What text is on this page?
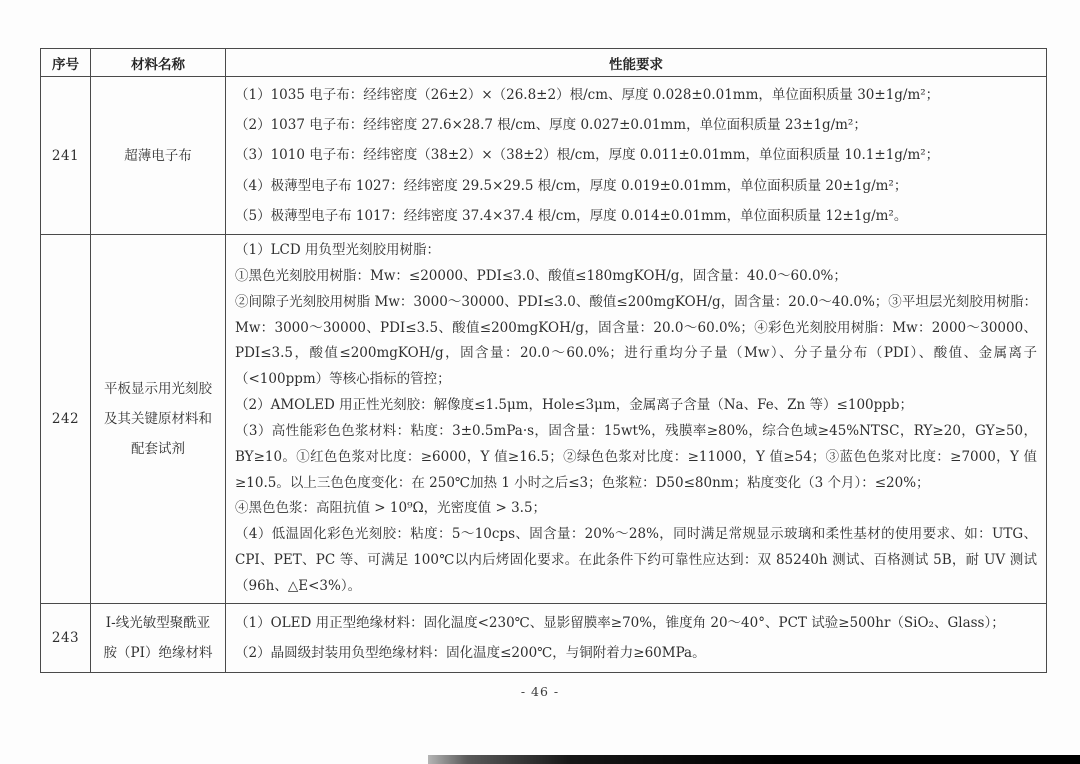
序号	材料名称	性能要求
241	超薄电子布	（1）1035 电子布：经纬密度（26±2）×（26.8±2）根/cm、厚度 0.028±0.01mm，单位面积质量 30±1g/m²；

（2）1037 电子布：经纬密度 27.6×28.7 根/cm、厚度 0.027±0.01mm，单位面积质量 23±1g/m²；

（3）1010 电子布：经纬密度（38±2）×（38±2）根/cm，厚度 0.011±0.01mm，单位面积质量 10.1±1g/m²；

（4）极薄型电子布 1027：经纬密度 29.5×29.5 根/cm，厚度 0.019±0.01mm，单位面积质量 20±1g/m²；

（5）极薄型电子布 1017：经纬密度 37.4×37.4 根/cm，厚度 0.014±0.01mm，单位面积质量 12±1g/m²。

242	平板显示用光刻胶及其关键原材料和配套试剂	

（1）LCD 用负型光刻胶用树脂：

①黑色光刻胶用树脂：Mw：≤20000、PDI≤3.0、酸值≤180mgKOH/g，固含量：40.0～60.0%；

②间隙子光刻胶用树脂 Mw：3000～30000、PDI≤3.0、酸值≤200mgKOH/g，固含量：20.0～40.0%；③平坦层光刻胶用树脂：Mw：3000～30000、PDI≤3.5、酸值≤200mgKOH/g，固含量：20.0～60.0%；④彩色光刻胶用树脂：Mw：2000～30000、PDI≤3.5，酸值≤200mgKOH/g，固含量：20.0～60.0%；进行重均分子量（Mw）、分子量分布（PDI）、酸值、金属离子（<100ppm）等核心指标的管控；

（2）AMOLED 用正性光刻胶：解像度≤1.5μm，Hole≤3μm，金属离子含量（Na、Fe、Zn 等）≤100ppb；

（3）高性能彩色色浆材料：粘度：3±0.5mPa·s，固含量：15wt%，残膜率≥80%，综合色域≥45%NTSC，RY≥20，GY≥50，BY≥10。①红色色浆对比度：≥6000，Y 值≥16.5；②绿色色浆对比度：≥11000，Y 值≥54；③蓝色色浆对比度：≥7000，Y 值≥10.5。以上三色色度变化：在 250℃加热 1 小时之后≤3；色浆粒：D50≤80nm；粘度变化（3 个月）：≤20%；

④黑色色浆：高阻抗值 > 10⁹Ω，光密度值 > 3.5；

（4）低温固化彩色光刻胶：粘度：5～10cps、固含量：20%～28%，同时满足常规显示玻璃和柔性基材的使用要求、如：UTG、CPI、PET、PC 等、可满足 100℃以内后烤固化要求。在此条件下约可靠性应达到：双 85240h 测试、百格测试 5B，耐 UV 测试（96h、△E<3%）。

243	I-线光敏型聚酰亚胺（PI）绝缘材料	（1）OLED 用正型绝缘材料：固化温度<230℃、显影留膜率≥70%，锥度角 20～40°、PCT 试验≥500hr（SiO₂、Glass）；

（2）晶圆级封装用负型绝缘材料：固化温度≤200℃，与铜附着力≥60MPa。

- 46 -
